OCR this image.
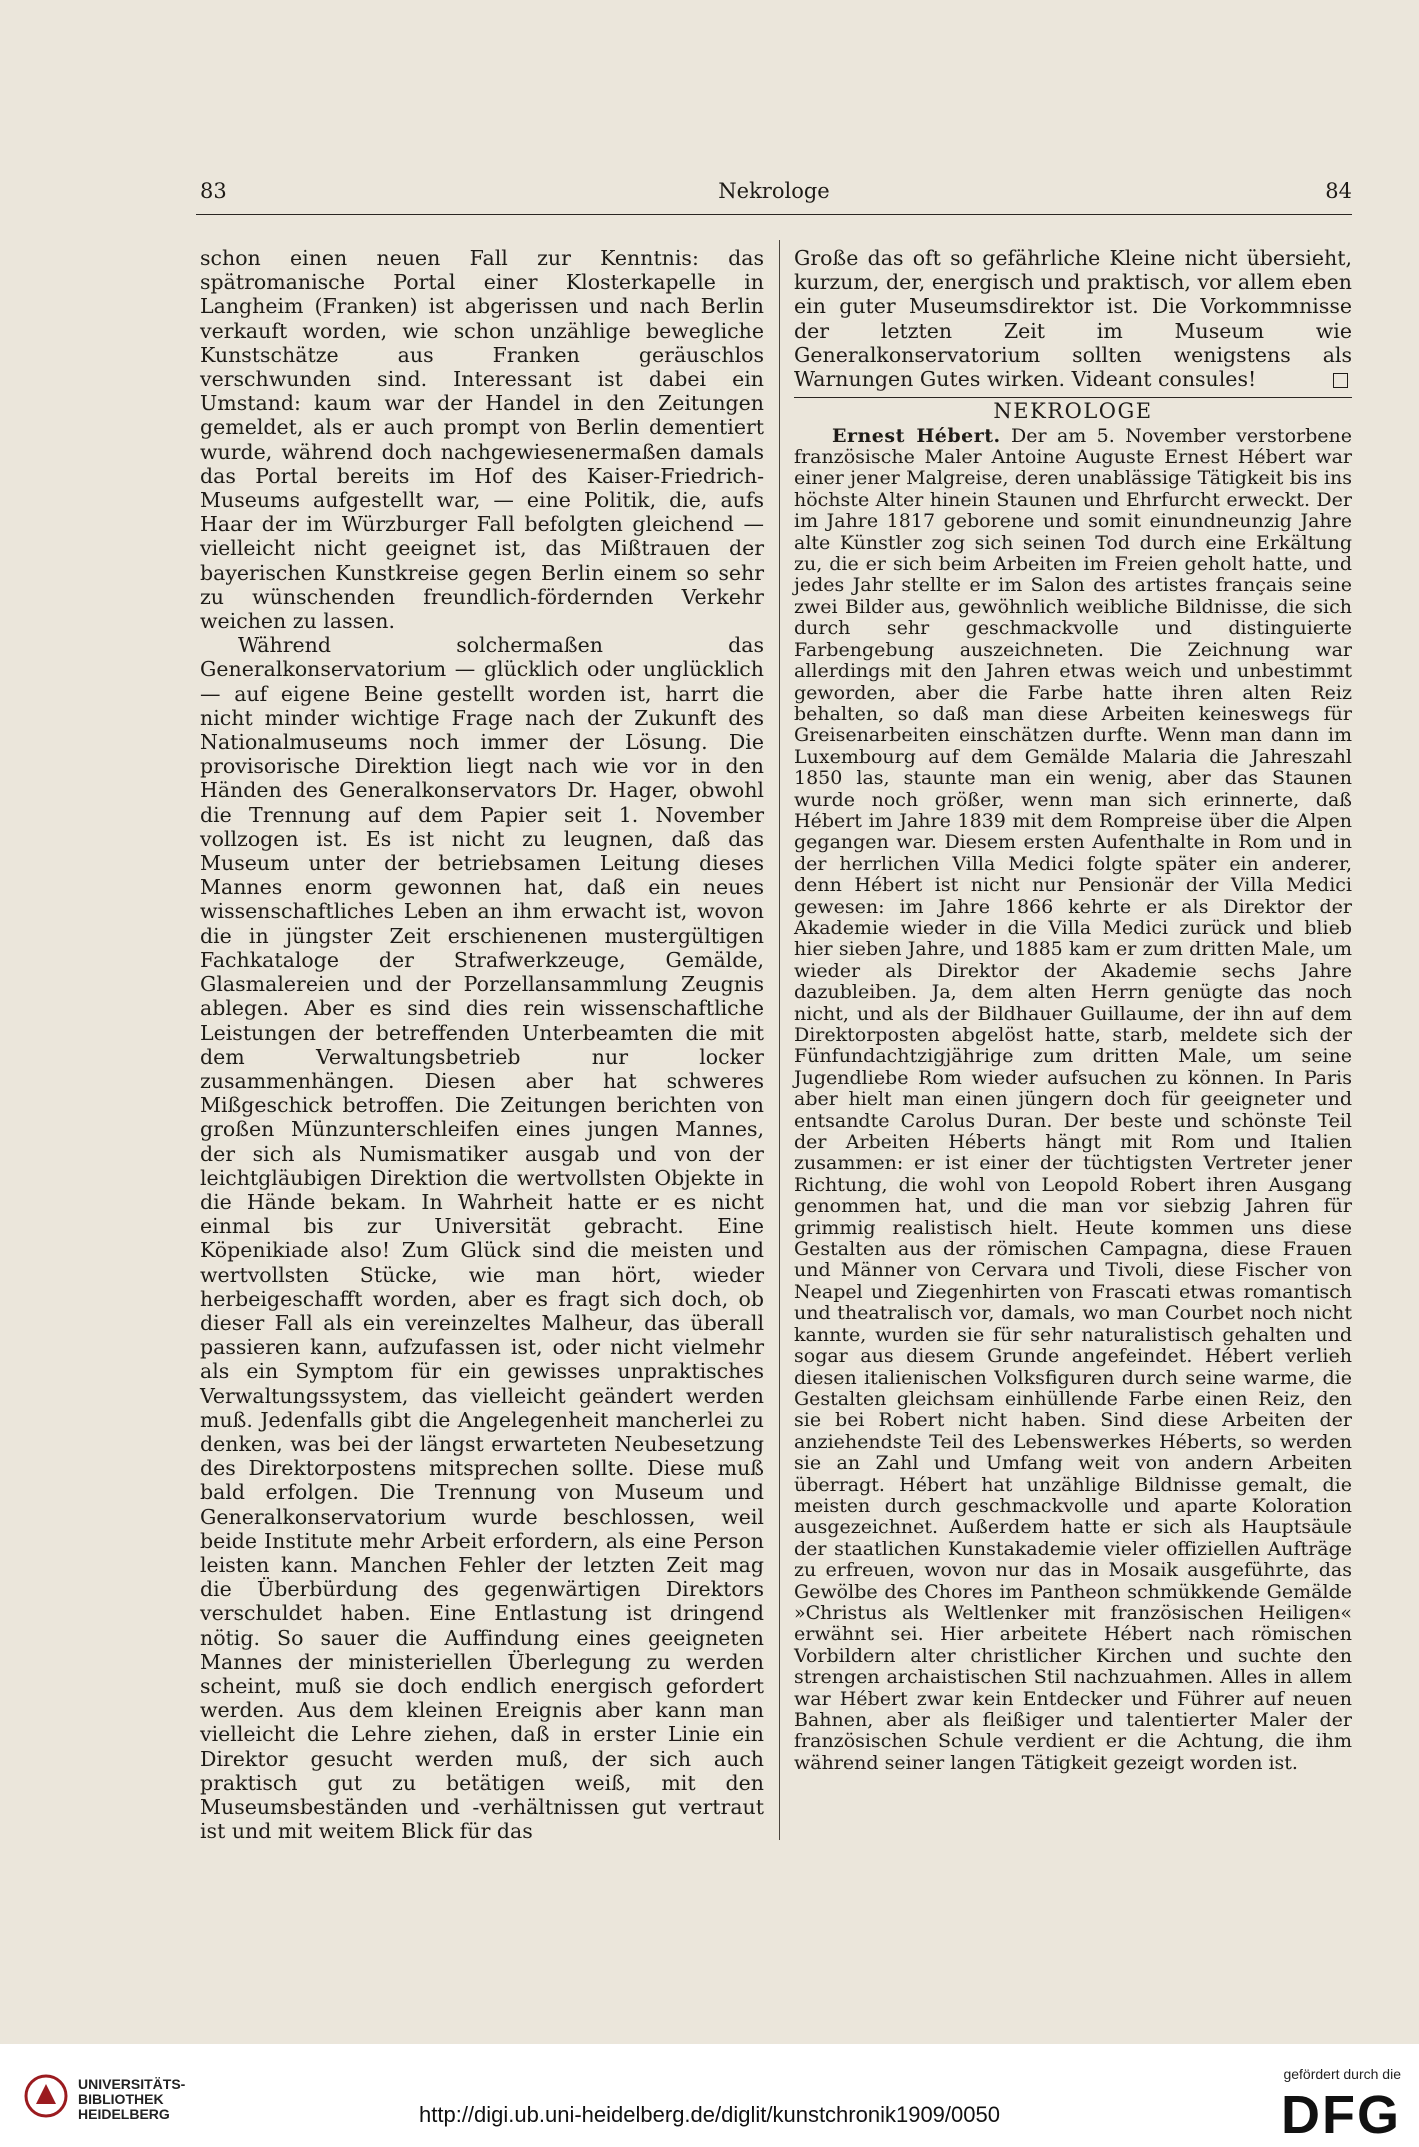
83	Nekrologe	84

schon einen neuen Fall zur Kenntnis: das spätromanische Portal einer Klosterkapelle in Langheim (Franken) ist abgerissen und nach Berlin verkauft worden, wie schon unzählige bewegliche Kunstschätze aus Franken geräuschlos verschwunden sind. Interessant ist dabei ein Umstand: kaum war der Handel in den Zeitungen gemeldet, als er auch prompt von Berlin dementiert wurde, während doch nachgewiesenermaßen damals das Portal bereits im Hof des Kaiser-Friedrich-Museums aufgestellt war, — eine Politik, die, aufs Haar der im Würzburger Fall befolgten gleichend — vielleicht nicht geeignet ist, das Mißtrauen der bayerischen Kunstkreise gegen Berlin einem so sehr zu wünschenden freundlich-fördernden Verkehr weichen zu lassen.

Während solchermaßen das Generalkonservatorium — glücklich oder unglücklich — auf eigene Beine gestellt worden ist, harrt die nicht minder wichtige Frage nach der Zukunft des Nationalmuseums noch immer der Lösung. Die provisorische Direktion liegt nach wie vor in den Händen des Generalkonservators Dr. Hager, obwohl die Trennung auf dem Papier seit 1. November vollzogen ist. Es ist nicht zu leugnen, daß das Museum unter der betriebsamen Leitung dieses Mannes enorm gewonnen hat, daß ein neues wissenschaftliches Leben an ihm erwacht ist, wovon die in jüngster Zeit erschienenen mustergültigen Fachkataloge der Strafwerkzeuge, Gemälde, Glasmalereien und der Porzellansammlung Zeugnis ablegen. Aber es sind dies rein wissenschaftliche Leistungen der betreffenden Unterbeamten die mit dem Verwaltungsbetrieb nur locker zusammenhängen. Diesen aber hat schweres Mißgeschick betroffen. Die Zeitungen berichten von großen Münzunterschleifen eines jungen Mannes, der sich als Numismatiker ausgab und von der leichtgläubigen Direktion die wertvollsten Objekte in die Hände bekam. In Wahrheit hatte er es nicht einmal bis zur Universität gebracht. Eine Köpenikiade also! Zum Glück sind die meisten und wertvollsten Stücke, wie man hört, wieder herbeigeschafft worden, aber es fragt sich doch, ob dieser Fall als ein vereinzeltes Malheur, das überall passieren kann, aufzufassen ist, oder nicht vielmehr als ein Symptom für ein gewisses unpraktisches Verwaltungssystem, das vielleicht geändert werden muß. Jedenfalls gibt die Angelegenheit mancherlei zu denken, was bei der längst erwarteten Neubesetzung des Direktorpostens mitsprechen sollte. Diese muß bald erfolgen. Die Trennung von Museum und Generalkonservatorium wurde beschlossen, weil beide Institute mehr Arbeit erfordern, als eine Person leisten kann. Manchen Fehler der letzten Zeit mag die Überbürdung des gegenwärtigen Direktors verschuldet haben. Eine Entlastung ist dringend nötig. So sauer die Auffindung eines geeigneten Mannes der ministeriellen Überlegung zu werden scheint, muß sie doch endlich energisch gefordert werden. Aus dem kleinen Ereignis aber kann man vielleicht die Lehre ziehen, daß in erster Linie ein Direktor gesucht werden muß, der sich auch praktisch gut zu betätigen weiß, mit den Museumsbeständen und -verhältnissen gut vertraut ist und mit weitem Blick für das

Große das oft so gefährliche Kleine nicht übersieht, kurzum, der, energisch und praktisch, vor allem eben ein guter Museumsdirektor ist. Die Vorkommnisse der letzten Zeit im Museum wie Generalkonservatorium sollten wenigstens als Warnungen Gutes wirken. Videant consules!

NEKROLOGE

Ernest Hébert. Der am 5. November verstorbene französische Maler Antoine Auguste Ernest Hébert war einer jener Malgreise, deren unablässige Tätigkeit bis ins höchste Alter hinein Staunen und Ehrfurcht erweckt. Der im Jahre 1817 geborene und somit einundneunzig Jahre alte Künstler zog sich seinen Tod durch eine Erkältung zu, die er sich beim Arbeiten im Freien geholt hatte, und jedes Jahr stellte er im Salon des artistes français seine zwei Bilder aus, gewöhnlich weibliche Bildnisse, die sich durch sehr geschmackvolle und distinguierte Farbengebung auszeichneten. Die Zeichnung war allerdings mit den Jahren etwas weich und unbestimmt geworden, aber die Farbe hatte ihren alten Reiz behalten, so daß man diese Arbeiten keineswegs für Greisenarbeiten einschätzen durfte. Wenn man dann im Luxembourg auf dem Gemälde Malaria die Jahreszahl 1850 las, staunte man ein wenig, aber das Staunen wurde noch größer, wenn man sich erinnerte, daß Hébert im Jahre 1839 mit dem Rompreise über die Alpen gegangen war. Diesem ersten Aufenthalte in Rom und in der herrlichen Villa Medici folgte später ein anderer, denn Hébert ist nicht nur Pensionär der Villa Medici gewesen: im Jahre 1866 kehrte er als Direktor der Akademie wieder in die Villa Medici zurück und blieb hier sieben Jahre, und 1885 kam er zum dritten Male, um wieder als Direktor der Akademie sechs Jahre dazubleiben. Ja, dem alten Herrn genügte das noch nicht, und als der Bildhauer Guillaume, der ihn auf dem Direktorposten abgelöst hatte, starb, meldete sich der Fünfundachtzigjährige zum dritten Male, um seine Jugendliebe Rom wieder aufsuchen zu können. In Paris aber hielt man einen jüngern doch für geeigneter und entsandte Carolus Duran. Der beste und schönste Teil der Arbeiten Héberts hängt mit Rom und Italien zusammen: er ist einer der tüchtigsten Vertreter jener Richtung, die wohl von Leopold Robert ihren Ausgang genommen hat, und die man vor siebzig Jahren für grimmig realistisch hielt. Heute kommen uns diese Gestalten aus der römischen Campagna, diese Frauen und Männer von Cervara und Tivoli, diese Fischer von Neapel und Ziegenhirten von Frascati etwas romantisch und theatralisch vor, damals, wo man Courbet noch nicht kannte, wurden sie für sehr naturalistisch gehalten und sogar aus diesem Grunde angefeindet. Hébert verlieh diesen italienischen Volksfiguren durch seine warme, die Gestalten gleichsam einhüllende Farbe einen Reiz, den sie bei Robert nicht haben. Sind diese Arbeiten der anziehendste Teil des Lebenswerkes Héberts, so werden sie an Zahl und Umfang weit von andern Arbeiten überragt. Hébert hat unzählige Bildnisse gemalt, die meisten durch geschmackvolle und aparte Koloration ausgezeichnet. Außerdem hatte er sich als Hauptsäule der staatlichen Kunstakademie vieler offiziellen Aufträge zu erfreuen, wovon nur das in Mosaik ausgeführte, das Gewölbe des Chores im Pantheon schmükkende Gemälde »Christus als Weltlenker mit französischen Heiligen« erwähnt sei. Hier arbeitete Hébert nach römischen Vorbildern alter christlicher Kirchen und suchte den strengen archaistischen Stil nachzuahmen. Alles in allem war Hébert zwar kein Entdecker und Führer auf neuen Bahnen, aber als fleißiger und talentierter Maler der französischen Schule verdient er die Achtung, die ihm während seiner langen Tätigkeit gezeigt worden ist.

UNIVERSITÄTS-
BIBLIOTHEK
HEIDELBERG	http://digi.ub.uni-heidelberg.de/diglit/kunstchronik1909/0050
gefördert durch die
DFG
